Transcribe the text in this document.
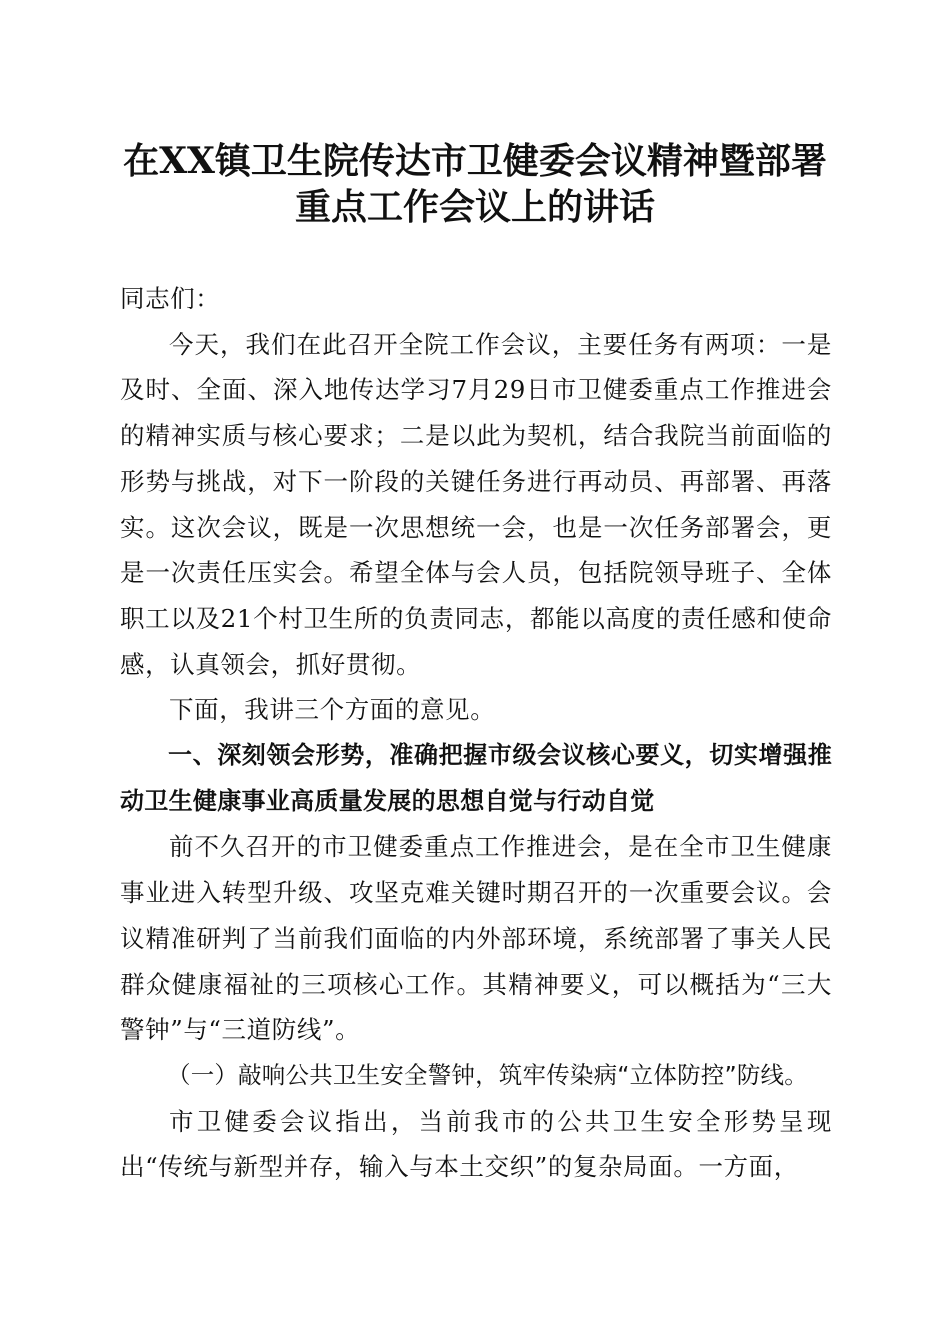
在XX镇卫生院传达市卫健委会议精神暨部署
重点工作会议上的讲话

同志们：

今天，我们在此召开全院工作会议，主要任务有两项：一是及时、全面、深入地传达学习7月29日市卫健委重点工作推进会的精神实质与核心要求；二是以此为契机，结合我院当前面临的形势与挑战，对下一阶段的关键任务进行再动员、再部署、再落实。这次会议，既是一次思想统一会，也是一次任务部署会，更是一次责任压实会。希望全体与会人员，包括院领导班子、全体职工以及21个村卫生所的负责同志，都能以高度的责任感和使命感，认真领会，抓好贯彻。

下面，我讲三个方面的意见。

一、深刻领会形势，准确把握市级会议核心要义，切实增强推动卫生健康事业高质量发展的思想自觉与行动自觉

前不久召开的市卫健委重点工作推进会，是在全市卫生健康事业进入转型升级、攻坚克难关键时期召开的一次重要会议。会议精准研判了当前我们面临的内外部环境，系统部署了事关人民群众健康福祉的三项核心工作。其精神要义，可以概括为“三大警钟”与“三道防线”。

（一）敲响公共卫生安全警钟，筑牢传染病“立体防控”防线。

市卫健委会议指出，当前我市的公共卫生安全形势呈现出“传统与新型并存，输入与本土交织”的复杂局面。一方面，
